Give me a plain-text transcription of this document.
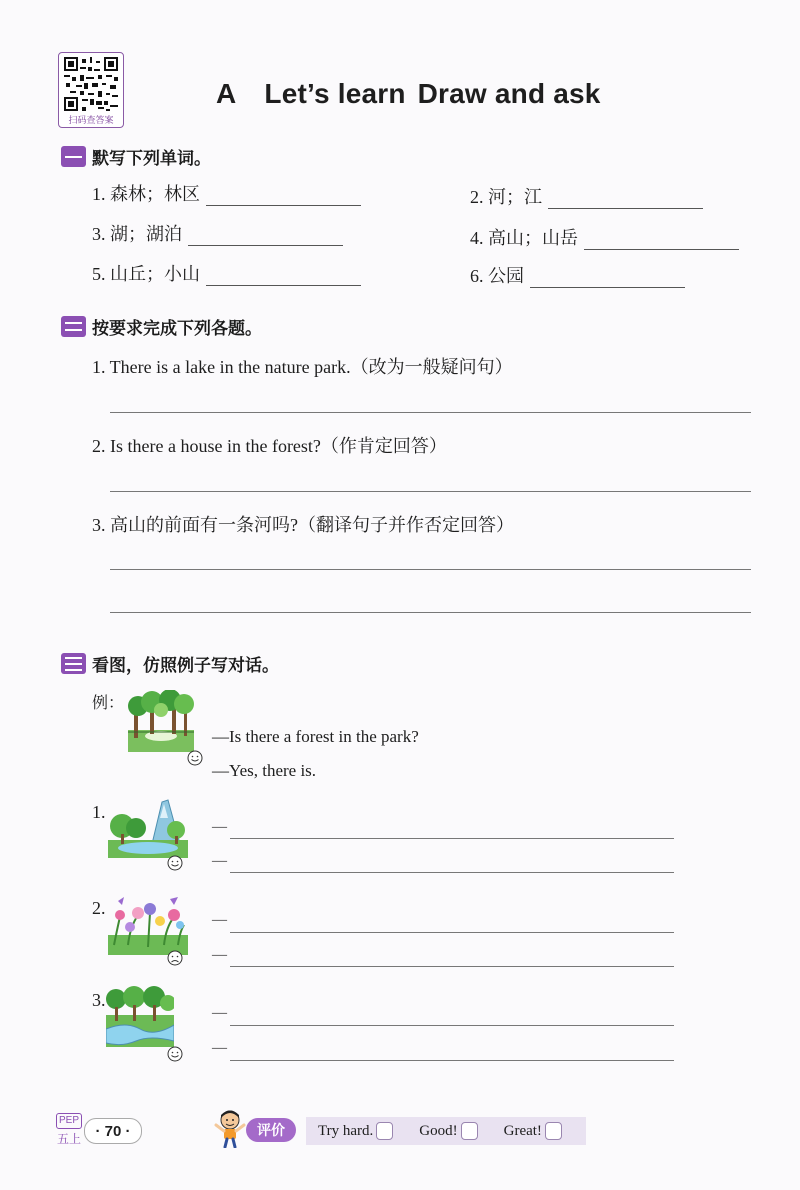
扫码查答案
A Let’s learn Draw and ask
默写下列单词。
1. 森林；林区	2. 河；江
3. 湖；湖泊	4. 高山；山岳
5. 山丘；小山	6. 公园
按要求完成下列各题。
1. There is a lake in the nature park.（改为一般疑问句）
2. Is there a house in the forest?（作肯定回答）
3. 高山的前面有一条河吗?（翻译句子并作否定回答）
看图，仿照例子写对话。
例：
—Is there a forest in the park?
—Yes, there is.
1.
—
—
2.
—
—
3.
—
—
PEP
五上 · 70 ·	评价	Try hard.	Good!	Great!
